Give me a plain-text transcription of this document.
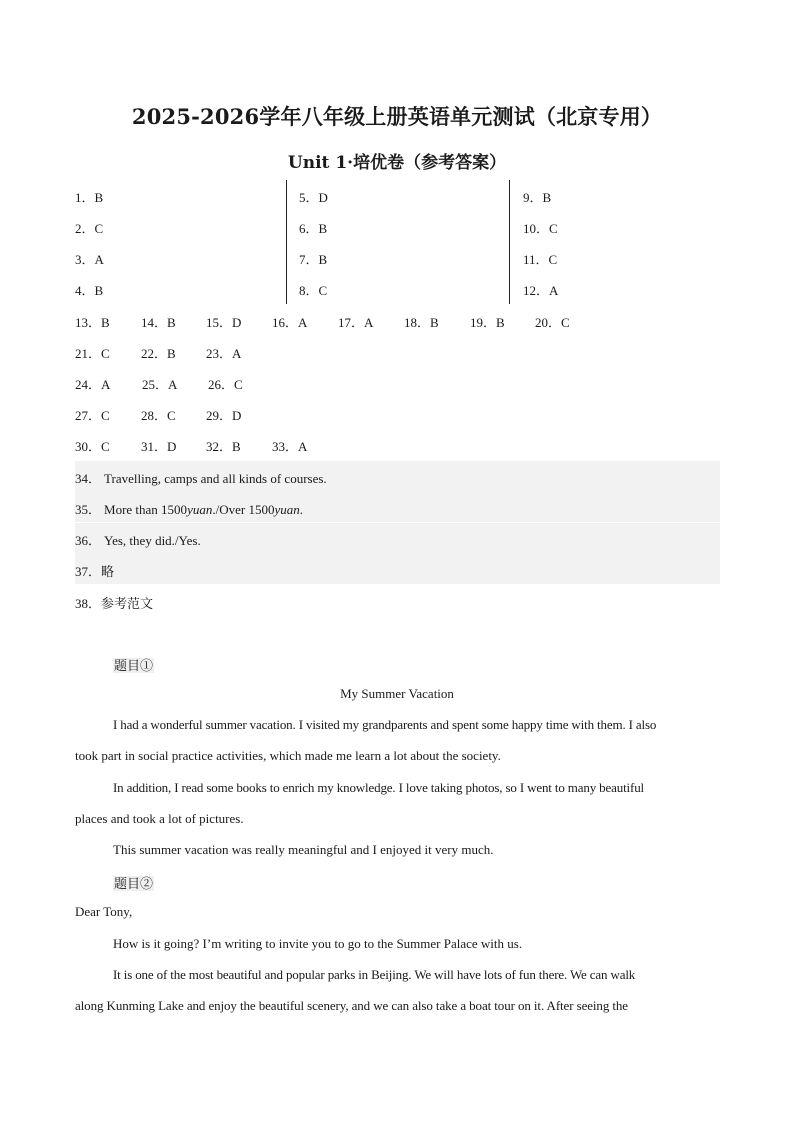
2025-2026学年八年级上册英语单元测试（北京专用）
Unit 1·培优卷（参考答案）
1．B
2．C
3．A
4．B
5．D
6．B
7．B
8．C
9．B
10．C
11．C
12．A
13．B 14．B 15．D 16．A 17．A 18．B 19．B 20．C
21．C 22．B 23．A
24．A 25．A 26．C
27．C 28．C 29．D
30．C 31．D 32．B 33．A
34． Travelling, camps and all kinds of courses.
35． More than 1500yuan./Over 1500yuan.
36． Yes, they did./Yes.
37．略
38．参考范文
题目①
My Summer Vacation
I had a wonderful summer vacation. I visited my grandparents and spent some happy time with them. I also
took part in social practice activities, which made me learn a lot about the society.
In addition, I read some books to enrich my knowledge. I love taking photos, so I went to many beautiful
places and took a lot of pictures.
This summer vacation was really meaningful and I enjoyed it very much.
题目②
Dear Tony,
How is it going? I’m writing to invite you to go to the Summer Palace with us.
It is one of the most beautiful and popular parks in Beijing. We will have lots of fun there. We can walk
along Kunming Lake and enjoy the beautiful scenery, and we can also take a boat tour on it. After seeing the
